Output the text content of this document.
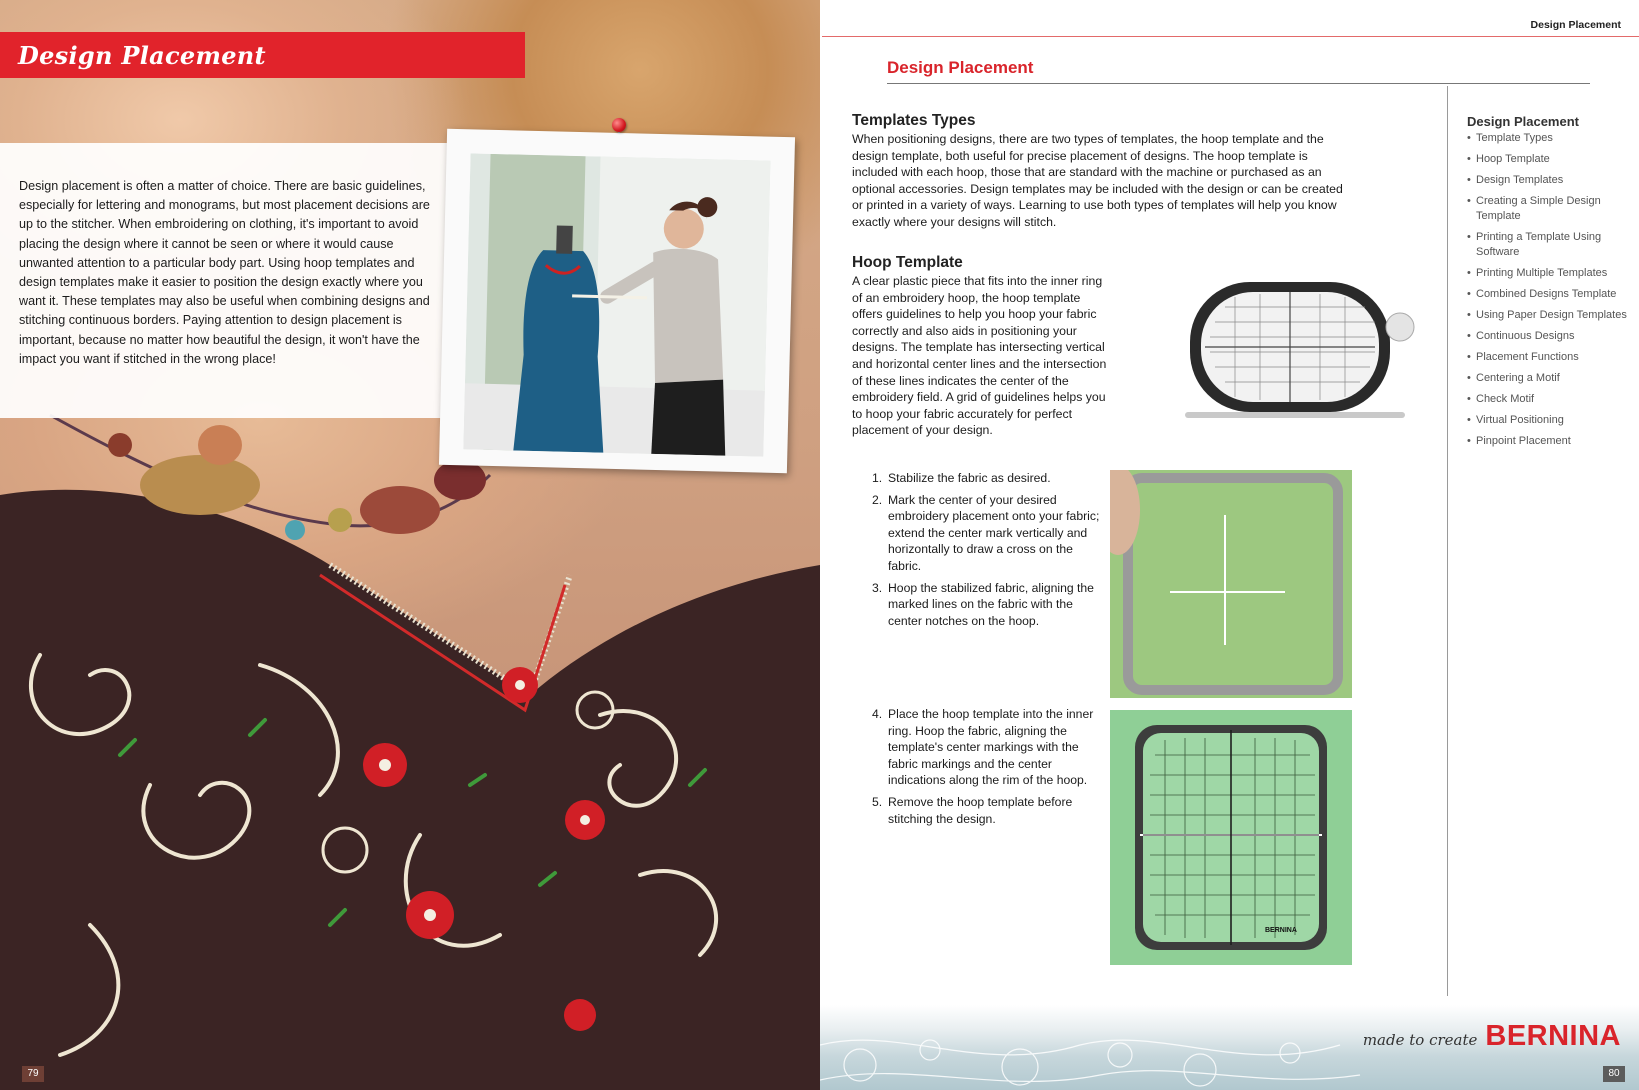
Design Placement

Design placement is often a matter of choice. There are basic guidelines, especially for lettering and monograms, but most placement decisions are up to the stitcher. When embroidering on clothing, it's important to avoid placing the design where it cannot be seen or where it would cause unwanted attention to a particular body part. Using hoop templates and design templates make it easier to position the design exactly where you want it. These templates may also be useful when combining designs and stitching continuous borders. Paying attention to design placement is important, because no matter how beautiful the design, it won't have the impact you want if stitched in the wrong place!

79
Design Placement
Design Placement
Templates Types
When positioning designs, there are two types of templates, the hoop template and the design template, both useful for precise placement of designs. The hoop template is included with each hoop, those that are standard with the machine or purchased as an optional accessories. Design templates may be included with the design or can be created or printed in a variety of ways. Learning to use both types of templates will help you know exactly where your designs will stitch.
Hoop Template
A clear plastic piece that fits into the inner ring of an embroidery hoop, the hoop template offers guidelines to help you hoop your fabric correctly and also aids in positioning your designs. The template has intersecting vertical and horizontal center lines and the intersection of these lines indicates the center of the embroidery field. A grid of guidelines helps you to hoop your fabric accurately for perfect placement of your design.
1. Stabilize the fabric as desired.
2. Mark the center of your desired embroidery placement onto your fabric; extend the center mark vertically and horizontally to draw a cross on the fabric.
3. Hoop the stabilized fabric, aligning the marked lines on the fabric with the center notches on the hoop.
4. Place the hoop template into the inner ring. Hoop the fabric, aligning the template's center markings with the fabric markings and the center indications along the rim of the hoop.
5. Remove the hoop template before stitching the design.
BERNINA
Design Placement
• Template Types
• Hoop Template
• Design Templates
• Creating a Simple Design Template
• Printing a Template Using Software
• Printing Multiple Templates
• Combined Designs Template
• Using Paper Design Templates
• Continuous Designs
• Placement Functions
• Centering a Motif
• Check Motif
• Virtual Positioning
• Pinpoint Placement
made to create BERNINA
80
